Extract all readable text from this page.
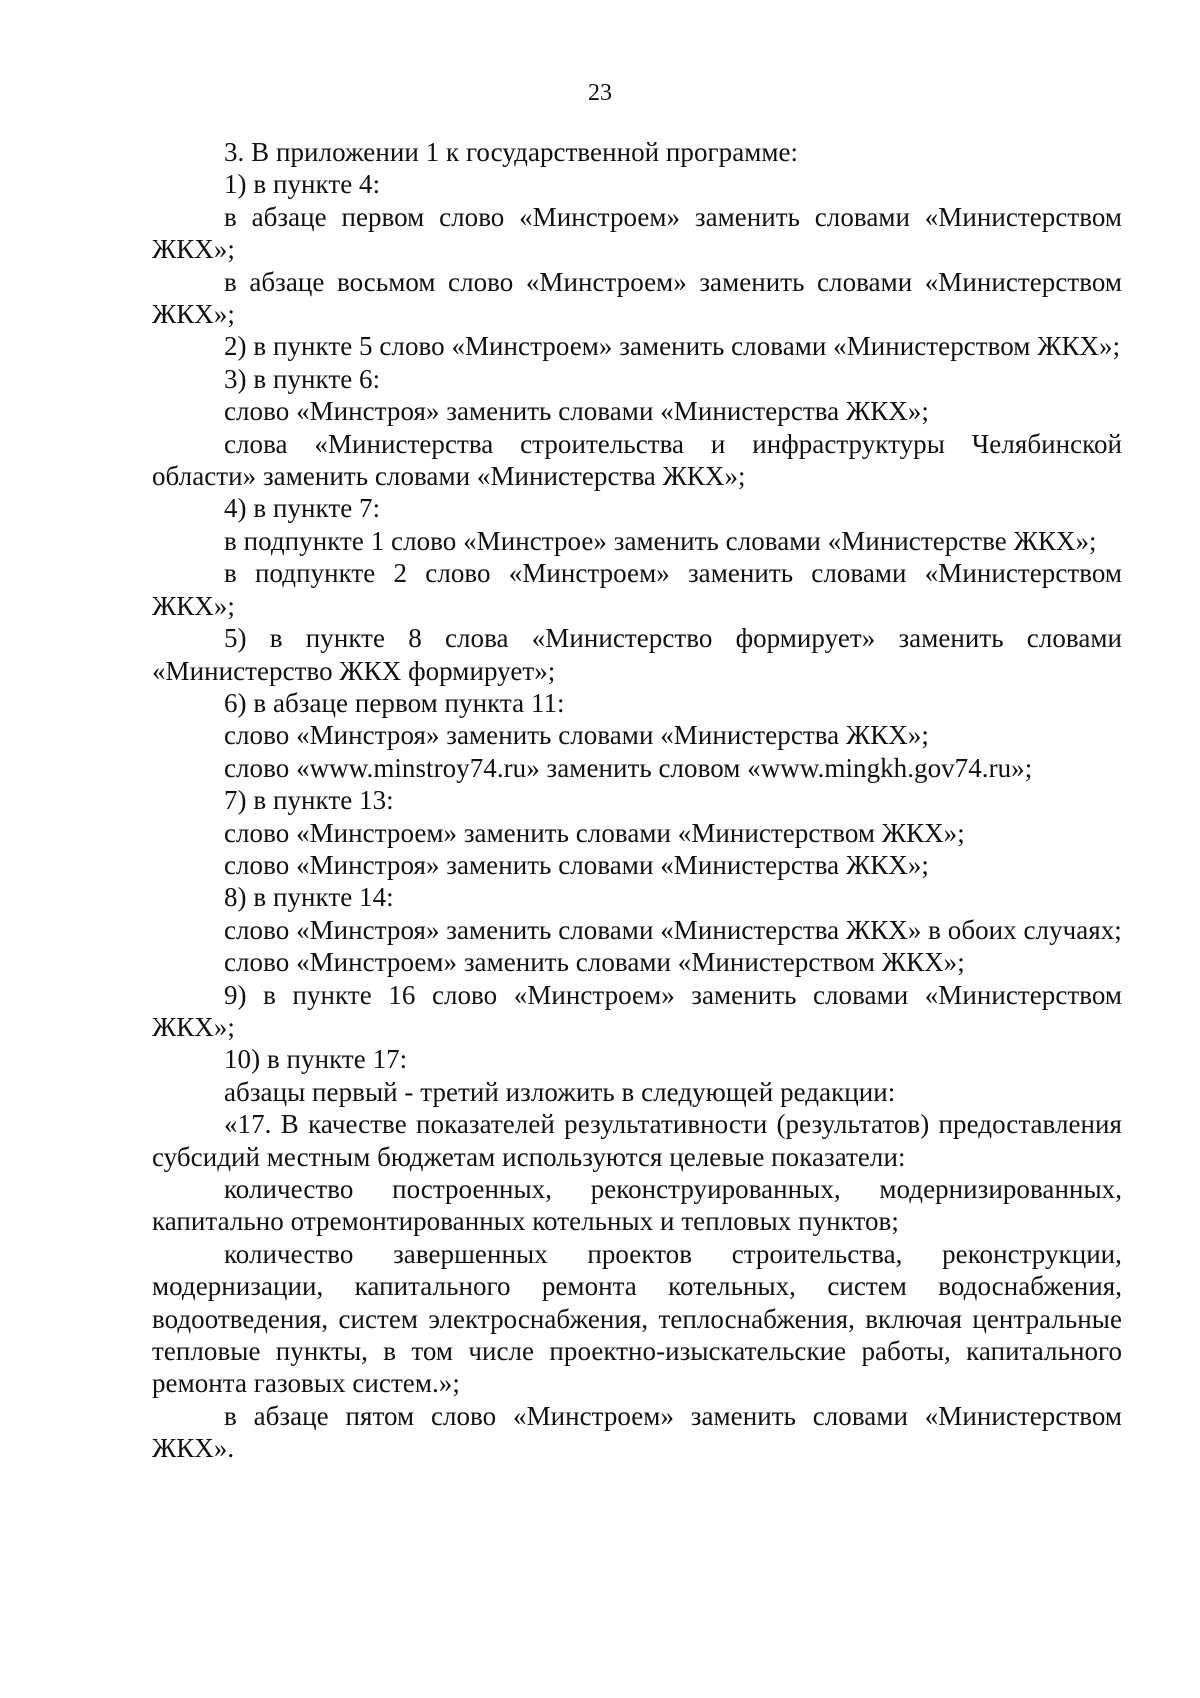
23

3. В приложении 1 к государственной программе:

1) в пункте 4:

в абзаце первом слово «Минстроем» заменить словами «Министерством ЖКХ»;

в абзаце восьмом слово «Минстроем» заменить словами «Министерством ЖКХ»;

2) в пункте 5 слово «Минстроем» заменить словами «Министерством ЖКХ»;

3) в пункте 6:

слово «Минстроя» заменить словами «Министерства ЖКХ»;

слова «Министерства строительства и инфраструктуры Челябинской области» заменить словами «Министерства ЖКХ»;

4) в пункте 7:

в подпункте 1 слово «Минстрое» заменить словами «Министерстве ЖКХ»;

в подпункте 2 слово «Минстроем» заменить словами «Министерством ЖКХ»;

5) в пункте 8 слова «Министерство формирует» заменить словами «Министерство ЖКХ формирует»;

6) в абзаце первом пункта 11:

слово «Минстроя» заменить словами «Министерства ЖКХ»;

слово «www.minstroy74.ru» заменить словом «www.mingkh.gov74.ru»;

7) в пункте 13:

слово «Минстроем» заменить словами «Министерством ЖКХ»;

слово «Минстроя» заменить словами «Министерства ЖКХ»;

8) в пункте 14:

слово «Минстроя» заменить словами «Министерства ЖКХ» в обоих случаях;

слово «Минстроем» заменить словами «Министерством ЖКХ»;

9) в пункте 16 слово «Минстроем» заменить словами «Министерством ЖКХ»;

10) в пункте 17:

абзацы первый - третий изложить в следующей редакции:

«17. В качестве показателей результативности (результатов) предоставления субсидий местным бюджетам используются целевые показатели:

количество построенных, реконструированных, модернизированных, капитально отремонтированных котельных и тепловых пунктов;

количество завершенных проектов строительства, реконструкции, модернизации, капитального ремонта котельных, систем водоснабжения, водоотведения, систем электроснабжения, теплоснабжения, включая центральные тепловые пункты, в том числе проектно-изыскательские работы, капитального ремонта газовых систем.»;

в абзаце пятом слово «Минстроем» заменить словами «Министерством ЖКХ».
